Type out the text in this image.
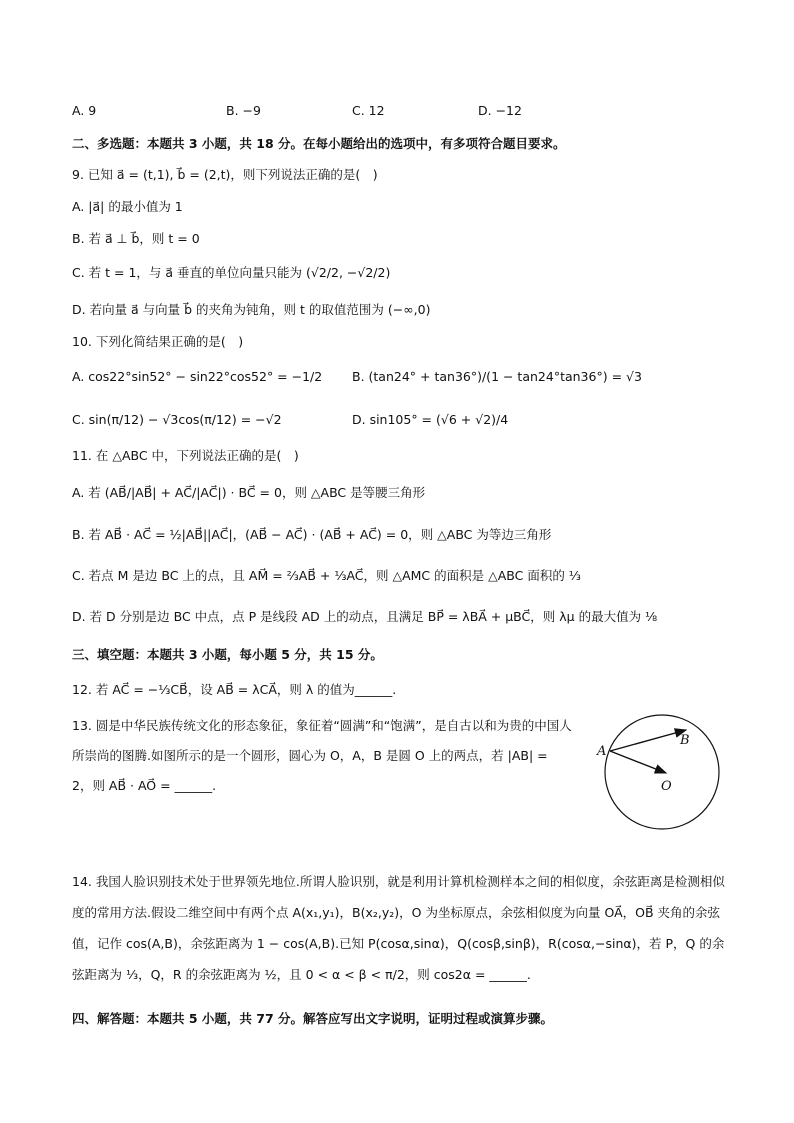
A. 9	B. −9	C. 12	D. −12
二、多选题：本题共 3 小题，共 18 分。在每小题给出的选项中，有多项符合题目要求。
9. 已知 a⃗ = (t,1), b⃗ = (2,t)，则下列说法正确的是(　)
A. |a⃗| 的最小值为 1
B. 若 a⃗ ⊥ b⃗，则 t = 0
C. 若 t = 1，与 a⃗ 垂直的单位向量只能为 (√2/2, −√2/2)
D. 若向量 a⃗ 与向量 b⃗ 的夹角为钝角，则 t 的取值范围为 (−∞,0)
10. 下列化简结果正确的是(　)
A. cos22°sin52° − sin22°cos52° = −1/2 B. (tan24° + tan36°)/(1 − tan24°tan36°) = √3
C. sin(π/12) − √3cos(π/12) = −√2	D. sin105° = (√6 + √2)/4
11. 在 △ABC 中，下列说法正确的是(　)
A. 若 (AB⃗/|AB⃗| + AC⃗/|AC⃗|) · BC⃗ = 0，则 △ABC 是等腰三角形
B. 若 AB⃗ · AC⃗ = ½|AB⃗||AC⃗|，(AB⃗ − AC⃗) · (AB⃗ + AC⃗) = 0，则 △ABC 为等边三角形
C. 若点 M 是边 BC 上的点，且 AM⃗ = ⅔AB⃗ + ⅓AC⃗，则 △AMC 的面积是 △ABC 面积的 ⅓
D. 若 D 分别是边 BC 中点，点 P 是线段 AD 上的动点，且满足 BP⃗ = λBA⃗ + μBC⃗，则 λμ 的最大值为 ⅛
三、填空题：本题共 3 小题，每小题 5 分，共 15 分。
12. 若 AC⃗ = −⅓CB⃗，设 AB⃗ = λCA⃗，则 λ 的值为______.
13. 圆是中华民族传统文化的形态象征，象征着“圆满”和“饱满”，是自古以和为贵的中国人所崇尚的图腾.如图所示的是一个圆形，圆心为 O，A，B 是圆 O 上的两点，若 |AB| = 2，则 AB⃗ · AO⃗ = ______.
A
B
O
14. 我国人脸识别技术处于世界领先地位.所谓人脸识别，就是利用计算机检测样本之间的相似度，余弦距离是检测相似度的常用方法.假设二维空间中有两个点 A(x₁,y₁)，B(x₂,y₂)，O 为坐标原点，余弦相似度为向量 OA⃗，OB⃗ 夹角的余弦值，记作 cos(A,B)，余弦距离为 1 − cos(A,B).已知 P(cosα,sinα)，Q(cosβ,sinβ)，R(cosα,−sinα)，若 P，Q 的余弦距离为 ⅓，Q，R 的余弦距离为 ½，且 0 < α < β < π/2，则 cos2α = ______.
四、解答题：本题共 5 小题，共 77 分。解答应写出文字说明，证明过程或演算步骤。
